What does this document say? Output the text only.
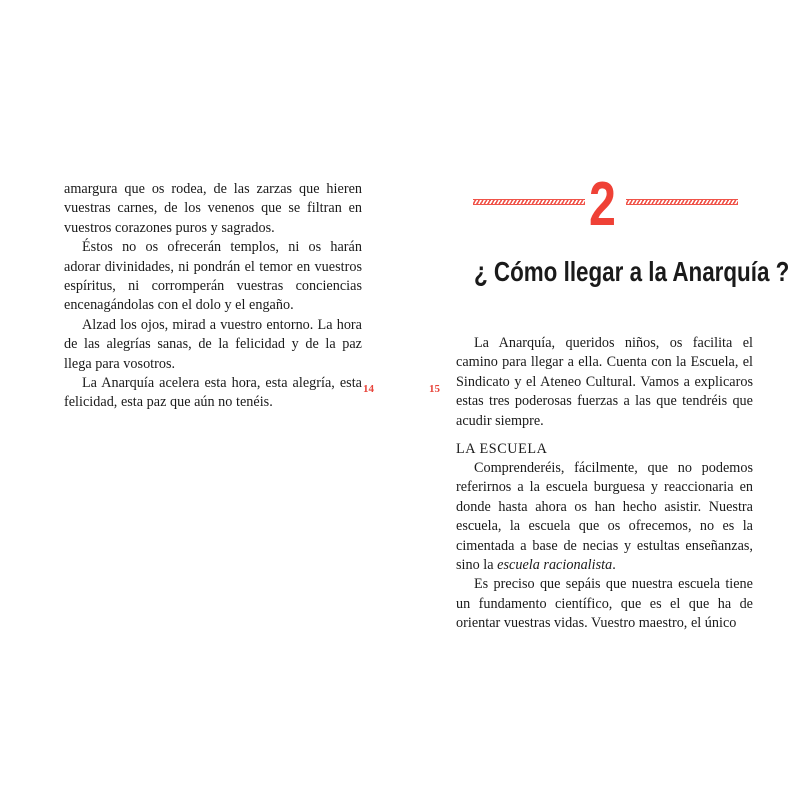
amargura que os rodea, de las zarzas que hieren vuestras carnes, de los venenos que se filtran en vuestros corazones puros y sagrados.

Éstos no os ofrecerán templos, ni os harán adorar divinidades, ni pondrán el temor en vuestros espíritus, ni corromperán vuestras conciencias encenagándolas con el dolo y el engaño.

Alzad los ojos, mirad a vuestro entorno. La hora de las alegrías sanas, de la felicidad y de la paz llega para vosotros.

La Anarquía acelera esta hora, esta alegría, esta felicidad, esta paz que aún no tenéis.

14	15
2
¿ Cómo llegar a la Anarquía ?

La Anarquía, queridos niños, os facilita el camino para llegar a ella. Cuenta con la Escuela, el Sindicato y el Ateneo Cultural. Vamos a explicaros estas tres poderosas fuerzas a las que tendréis que acudir siempre.

LA ESCUELA

Comprenderéis, fácilmente, que no podemos referirnos a la escuela burguesa y reaccionaria en donde hasta ahora os han hecho asistir. Nuestra escuela, la escuela que os ofrecemos, no es la cimentada a base de necias y estultas enseñanzas, sino la escuela racionalista.

Es preciso que sepáis que nuestra escuela tiene un fundamento científico, que es el que ha de orientar vuestras vidas. Vuestro maestro, el único
